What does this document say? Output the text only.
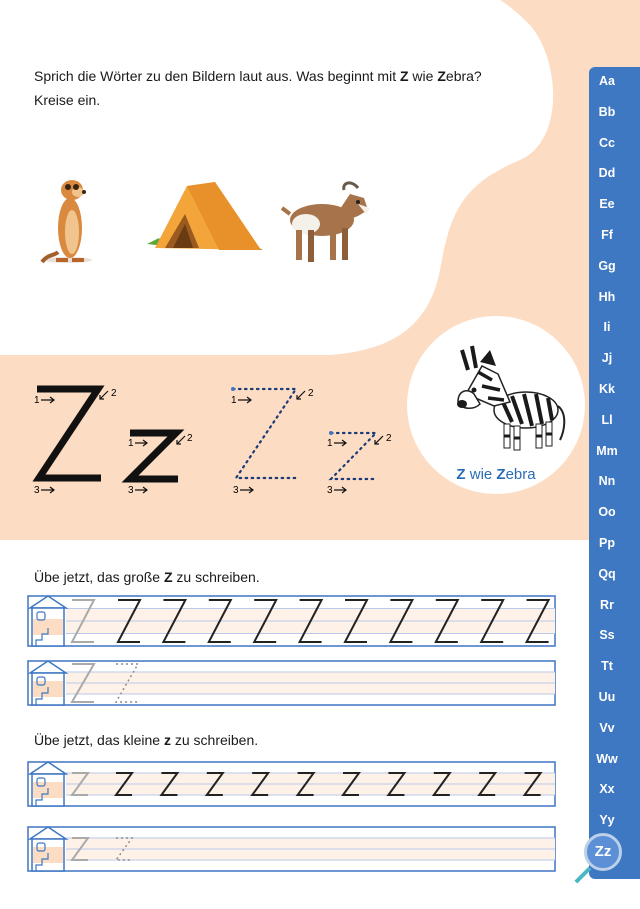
Sprich die Wörter zu den Bildern laut aus. Was beginnt mit Z wie Zebra?
Kreise ein.

1
2
3
1	2
3
1
2
3
1	2
3
Z wie Zebra

Übe jetzt, das große Z zu schreiben.

Übe jetzt, das kleine z zu schreiben.

Aa
Bb
Cc
Dd
Ee
Ff
Gg
Hh
Ii
Jj
Kk
Ll
Mm
Nn
Oo
Pp
Qq
Rr
Ss
Tt
Uu
Vv
Ww
Xx
Yy
Zz
